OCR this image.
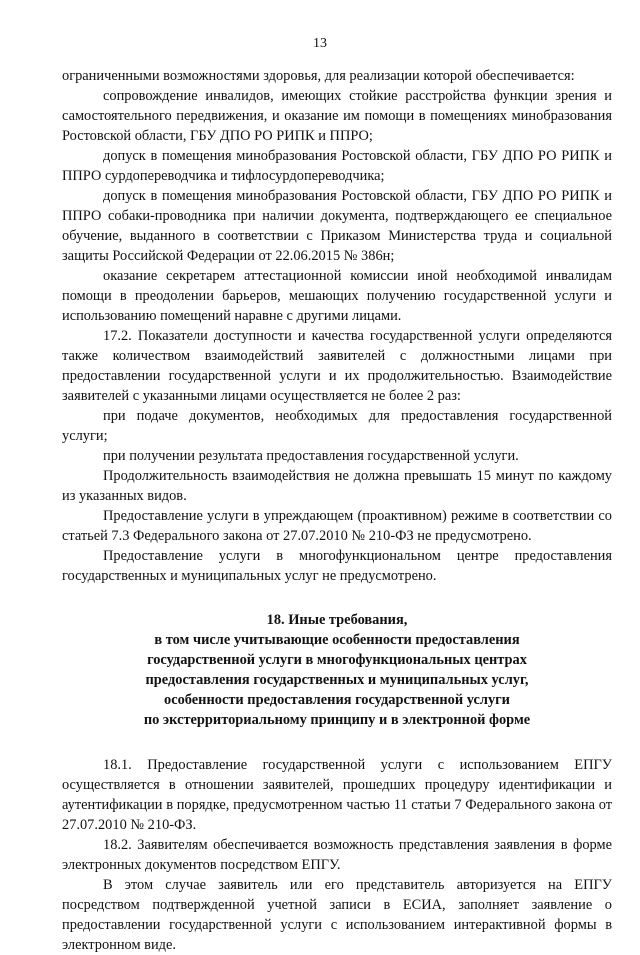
13

ограниченными возможностями здоровья, для реализации которой обеспечивается:

сопровождение инвалидов, имеющих стойкие расстройства функции зрения и самостоятельного передвижения, и оказание им помощи в помещениях минобразования Ростовской области, ГБУ ДПО РО РИПК и ППРО;

допуск в помещения минобразования Ростовской области, ГБУ ДПО РО РИПК и ППРО сурдопереводчика и тифлосурдопереводчика;

допуск в помещения минобразования Ростовской области, ГБУ ДПО РО РИПК и ППРО собаки-проводника при наличии документа, подтверждающего ее специальное обучение, выданного в соответствии с Приказом Министерства труда и социальной защиты Российской Федерации от 22.06.2015 № 386н;

оказание секретарем аттестационной комиссии иной необходимой инвалидам помощи в преодолении барьеров, мешающих получению государственной услуги и использованию помещений наравне с другими лицами.

17.2. Показатели доступности и качества государственной услуги определяются также количеством взаимодействий заявителей с должностными лицами при предоставлении государственной услуги и их продолжительностью. Взаимодействие заявителей с указанными лицами осуществляется не более 2 раз:

при подаче документов, необходимых для предоставления государственной услуги;

при получении результата предоставления государственной услуги.

Продолжительность взаимодействия не должна превышать 15 минут по каждому из указанных видов.

Предоставление услуги в упреждающем (проактивном) режиме в соответствии со статьей 7.3 Федерального закона от 27.07.2010 № 210-ФЗ не предусмотрено.

Предоставление услуги в многофункциональном центре предоставления государственных и муниципальных услуг не предусмотрено.

18. Иные требования,
в том числе учитывающие особенности предоставления
государственной услуги в многофункциональных центрах
предоставления государственных и муниципальных услуг,
особенности предоставления государственной услуги
по экстерриториальному принципу и в электронной форме

18.1. Предоставление государственной услуги с использованием ЕПГУ осуществляется в отношении заявителей, прошедших процедуру идентификации и аутентификации в порядке, предусмотренном частью 11 статьи 7 Федерального закона от 27.07.2010 № 210-ФЗ.

18.2. Заявителям обеспечивается возможность представления заявления в форме электронных документов посредством ЕПГУ.

В этом случае заявитель или его представитель авторизуется на ЕПГУ посредством подтвержденной учетной записи в ЕСИА, заполняет заявление о предоставлении государственной услуги с использованием интерактивной формы в электронном виде.
